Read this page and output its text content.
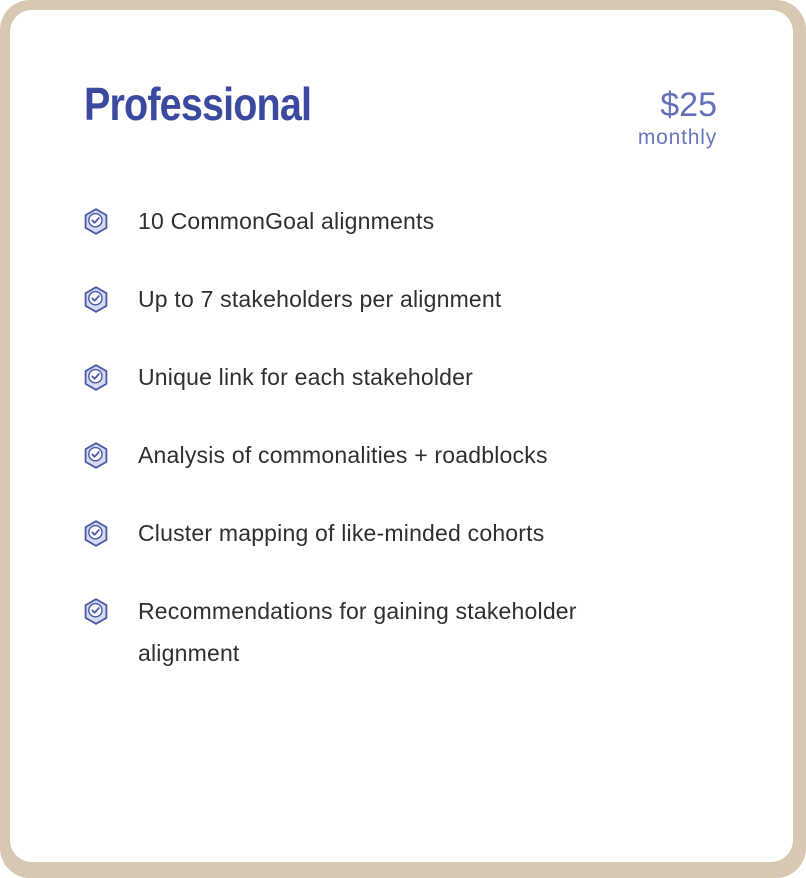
Professional	$25
monthly
10 CommonGoal alignments
Up to 7 stakeholders per alignment
Unique link for each stakeholder
Analysis of commonalities + roadblocks
Cluster mapping of like-minded cohorts
Recommendations for gaining stakeholder alignment
